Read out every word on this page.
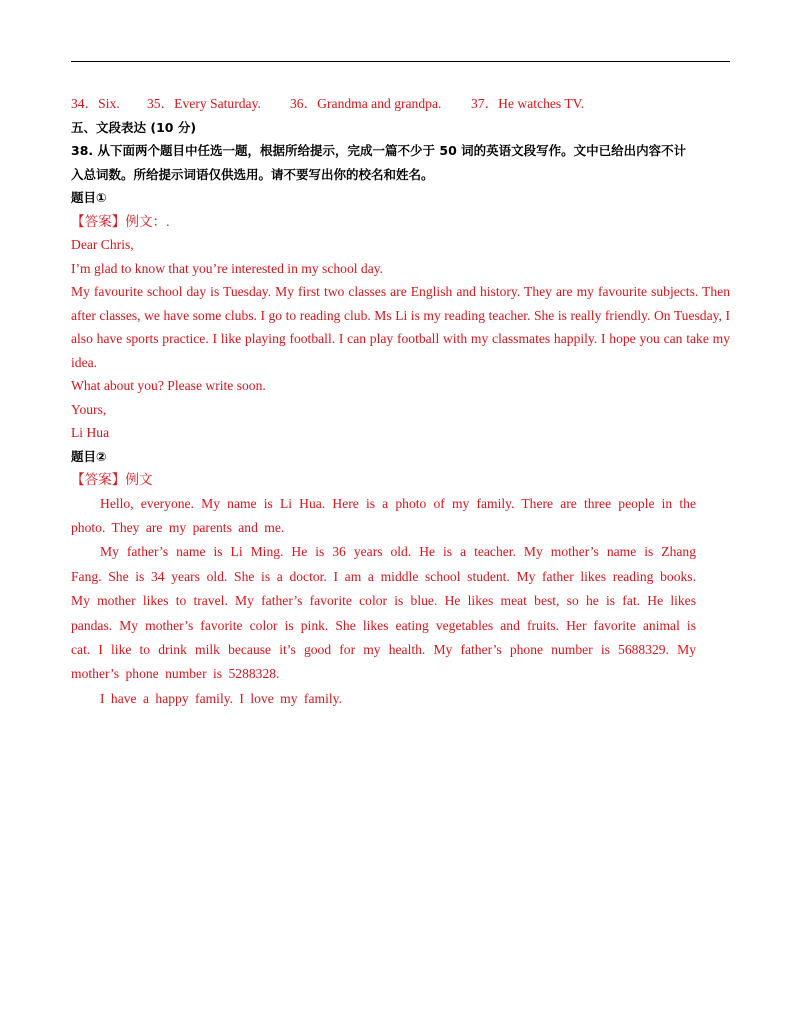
34．Six. 35．Every Saturday. 36．Grandma and grandpa. 37．He watches TV.
五、文段表达 (10 分)
38. 从下面两个题目中任选一题，根据所给提示，完成一篇不少于 50 词的英语文段写作。文中已给出内容不计
入总词数。所给提示词语仅供选用。请不要写出你的校名和姓名。
题目①
【答案】例文：.
Dear Chris,
I’m glad to know that you’re interested in my school day.
My favourite school day is Tuesday. My first two classes are English and history. They are my favourite subjects. Then after classes, we have some clubs. I go to reading club. Ms Li is my reading teacher. She is really friendly. On Tuesday, I also have sports practice. I like playing football. I can play football with my classmates happily. I hope you can take my idea.
What about you? Please write soon.
Yours,
Li Hua
题目②
【答案】例文
Hello, everyone. My name is Li Hua. Here is a photo of my family. There are three people in the photo. They are my parents and me.
My father’s name is Li Ming. He is 36 years old. He is a teacher. My mother’s name is Zhang Fang. She is 34 years old. She is a doctor. I am a middle school student. My father likes reading books. My mother likes to travel. My father’s favorite color is blue. He likes meat best, so he is fat. He likes pandas. My mother’s favorite color is pink. She likes eating vegetables and fruits. Her favorite animal is cat. I like to drink milk because it’s good for my health. My father’s phone number is 5688329. My mother’s phone number is 5288328.
I have a happy family. I love my family.
